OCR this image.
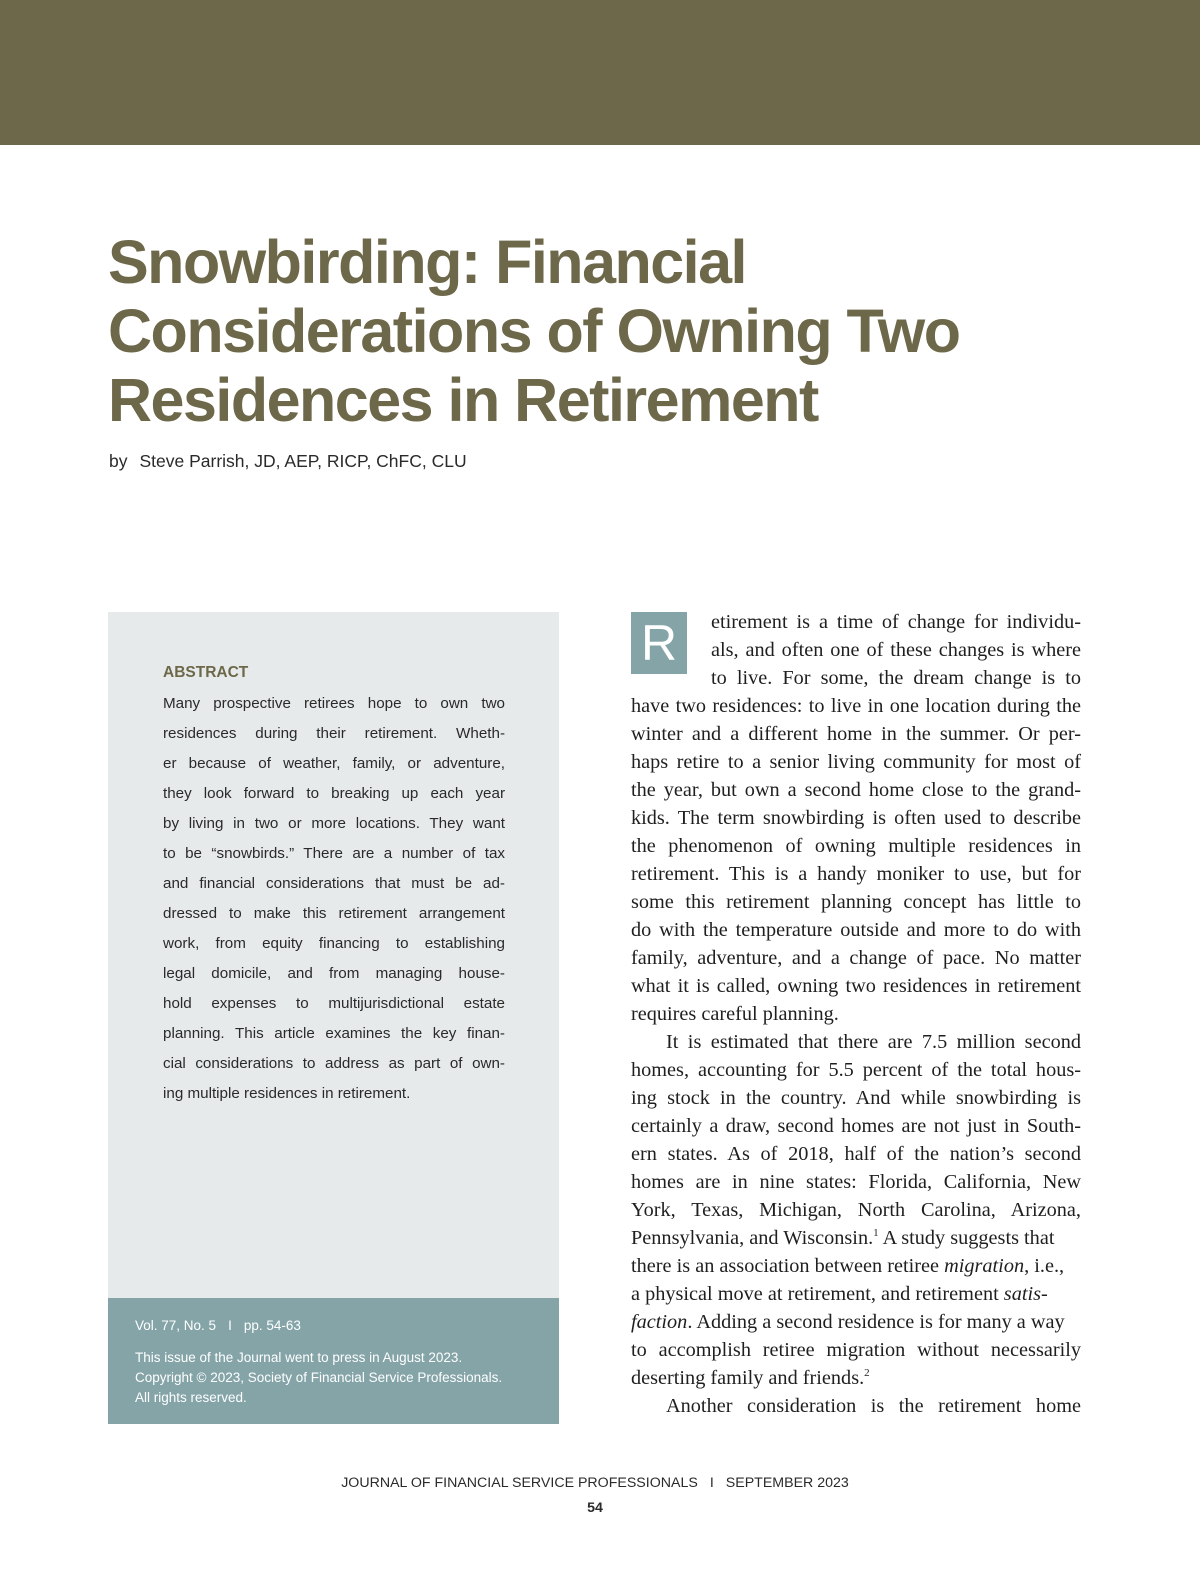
Snowbirding: Financial
Considerations of Owning Two
Residences in Retirement
by Steve Parrish, JD, AEP, RICP, ChFC, CLU
ABSTRACT
Many prospective retirees hope to own two
residences during their retirement. Wheth-
er because of weather, family, or adventure,
they look forward to breaking up each year
by living in two or more locations. They want
to be “snowbirds.” There are a number of tax
and financial considerations that must be ad-
dressed to make this retirement arrangement
work, from equity financing to establishing
legal domicile, and from managing house-
hold expenses to multijurisdictional estate
planning. This article examines the key finan-
cial considerations to address as part of own-
ing multiple residences in retirement.
Vol. 77, No. 5 I pp. 54-63
This issue of the Journal went to press in August 2023.
Copyright © 2023, Society of Financial Service Professionals.
All rights reserved.
R	etirement is a time of change for individu-
als, and often one of these changes is where
to live. For some, the dream change is to
have two residences: to live in one location during the
winter and a different home in the summer. Or per-
haps retire to a senior living community for most of
the year, but own a second home close to the grand-
kids. The term snowbirding is often used to describe
the phenomenon of owning multiple residences in
retirement. This is a handy moniker to use, but for
some this retirement planning concept has little to
do with the temperature outside and more to do with
family, adventure, and a change of pace. No matter
what it is called, owning two residences in retirement
requires careful planning.
It is estimated that there are 7.5 million second
homes, accounting for 5.5 percent of the total hous-
ing stock in the country. And while snowbirding is
certainly a draw, second homes are not just in South-
ern states. As of 2018, half of the nation’s second
homes are in nine states: Florida, California, New
York, Texas, Michigan, North Carolina, Arizona,
Pennsylvania, and Wisconsin.$^1$ A study suggests that
there is an association between retiree migration, i.e.,
a physical move at retirement, and retirement satis-
faction. Adding a second residence is for many a way
to accomplish retiree migration without necessarily
deserting family and friends.$^2$
Another consideration is the retirement home
JOURNAL OF FINANCIAL SERVICE PROFESSIONALS I SEPTEMBER 2023
54
